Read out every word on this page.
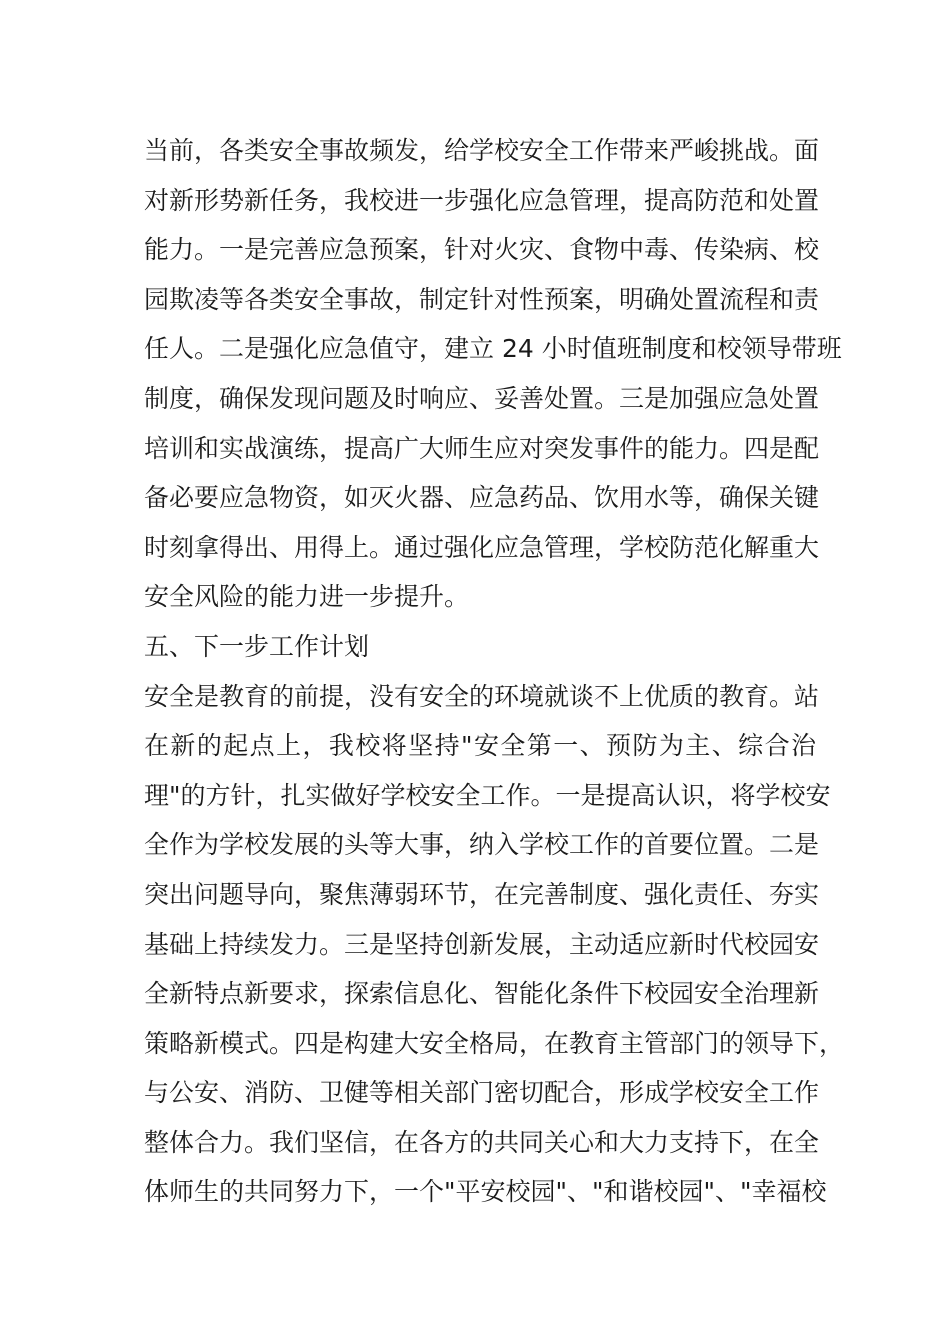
当前，各类安全事故频发，给学校安全工作带来严峻挑战。面
对新形势新任务，我校进一步强化应急管理，提高防范和处置
能力。一是完善应急预案，针对火灾、食物中毒、传染病、校
园欺凌等各类安全事故，制定针对性预案，明确处置流程和责
任人。二是强化应急值守，建立 24 小时值班制度和校领导带班
制度，确保发现问题及时响应、妥善处置。三是加强应急处置
培训和实战演练，提高广大师生应对突发事件的能力。四是配
备必要应急物资，如灭火器、应急药品、饮用水等，确保关键
时刻拿得出、用得上。通过强化应急管理，学校防范化解重大
安全风险的能力进一步提升。
五、下一步工作计划
安全是教育的前提，没有安全的环境就谈不上优质的教育。站
在新的起点上，我校将坚持"安全第一、预防为主、综合治
理"的方针，扎实做好学校安全工作。一是提高认识，将学校安
全作为学校发展的头等大事，纳入学校工作的首要位置。二是
突出问题导向，聚焦薄弱环节，在完善制度、强化责任、夯实
基础上持续发力。三是坚持创新发展，主动适应新时代校园安
全新特点新要求，探索信息化、智能化条件下校园安全治理新
策略新模式。四是构建大安全格局，在教育主管部门的领导下，
与公安、消防、卫健等相关部门密切配合，形成学校安全工作
整体合力。我们坚信，在各方的共同关心和大力支持下，在全
体师生的共同努力下，一个"平安校园"、"和谐校园"、"幸福校
